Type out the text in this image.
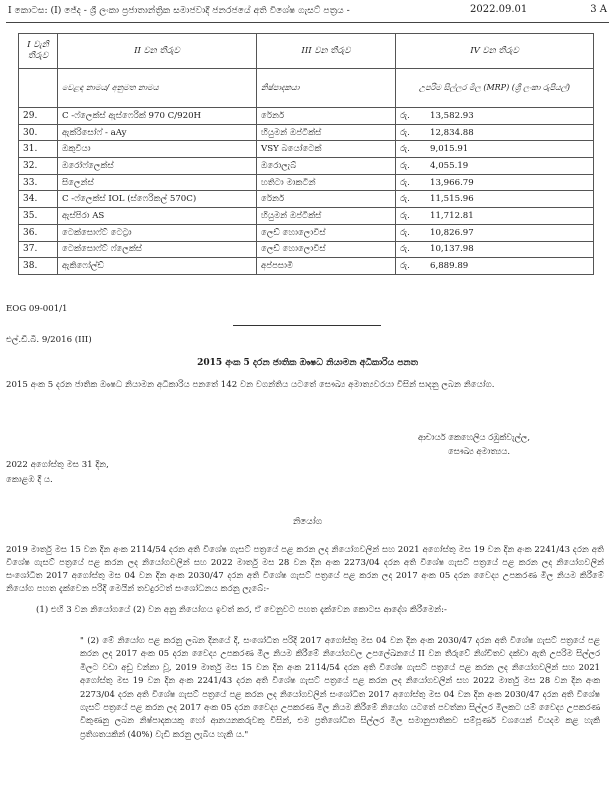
I කොටස: (I) ජේද - ශ්‍රී ලංකා ප්‍රජාතාන්ත්‍රික සමාජවාදී ජනරජයේ අති විශේෂ ගැසට් පත්‍රය -	2022.09.01	3 A
I වැනි තීරුව	II වන තීරුව	III වන තීරුව	IV වන තීරුව
	වෙළඳ නාමය/ අනුමත නාමය	නිෂ්පාදකයා	උපරිම සිල්ලර මිල (MRP) (ශ්‍රී ලංකා රුපියල්)
29.	C -ෆ්ලෙක්ස් ඇස්ෆෙරික් 970 C/920H	රේනර්	රු. 13,582.93
30.	ඇක්රිසෝෆ් - aAy	හියුමන් ඔප්ටික්ස්	රු. 12,834.88
31.	ඔකුවියා	VSY බයෝටෙක්	රු. 9,015.91
32.	ඔරෝෆ්ලෙක්ස්	ඔරොලැබ්	රු. 4,055.19
33.	සිලෙන්ස්	හතිටා මාකටින්	රු. 13,966.79
34.	C -ෆ්ලෙක්ස් IOL (ස්ෆෙරිකල් 570C)	රේනර්	රු. 11,515.96
35.	ඇස්පිරා AS	හියුමන් ඔප්ටික්ස්	රු. 11,712.81
36.	ටෙක්සොෆ්ට් ටෙට්‍රා	ලෙඩ් හොලොවිස්	රු. 10,826.97
37.	ටෙක්සොෆ්ට් ෆ්ලෙක්ස්	ලෙඩ් හොලොවිස්	රු. 10,137.98
38.	ඇකිෆෝල්ඩ්	අප්පසාමි	රු. 6,889.89
EOG 09-001/1
එල්.ඩී.බී. 9/2016 (III)
2015 අංක 5 දරන ජාතික ඖෂධ නියාමන අධිකාරිය පනත
2015 අංක 5 දරන ජාතික ඖෂධ නියාමන අධිකාරිය පනතේ 142 වන වගන්තිය යටතේ සෞඛ්‍ය අමාත්‍යවරයා විසින් සාදනු ලබන නියෝග.
ආචාර්ය කෙහෙලිය රඹුක්වැල්ල,
සෞඛ්‍ය අමාත්‍යය.
2022 අගෝස්තු මස 31 දින,
කොළඹ දී ය.
නියෝග
2019 මාර්තු මස 15 වන දින අංක 2114/54 දරන අති විශේෂ ගැසට් පත්‍රයේ පළ කරන ලද නියෝගවලින් සහ 2021 අගෝස්තු මස 19 වන දින අංක 2241/43 දරන අති විශේෂ ගැසට් පත්‍රයේ පළ කරන ලද නියෝගවලින් සහ 2022 මාර්තු මස 28 වන දින අංක 2273/04 දරන අති විශේෂ ගැසට් පත්‍රයේ පළ කරන ලද නියෝගවලින් සංශෝධිත 2017 අගෝස්තු මස 04 වන දින අංක 2030/47 දරන අති විශේෂ ගැසට් පත්‍රයේ පළ කරන ලද 2017 අංක 05 දරන වෛද්‍ය උපකරණ මිල නියම කිරීමේ නියෝග පහත දැක්වෙන පරිදි මෙයින් තවදුරටත් සංශෝධනය කරනු ලැබේ:-
(1) එහි 3 වන නියෝගයේ (2) වන අනු නියෝගය ඉවත් කර, ඒ වෙනුවට පහත දැක්වෙන කොටස ආදේශ කිරීමෙන්:-
" (2) මේ නියෝග පළ කරනු ලබන දිනයේ දී, සංශෝධිත පරිදි 2017 අගෝස්තු මස 04 වන දින අංක 2030/47 දරන අති විශේෂ ගැසට් පත්‍රයේ පළ කරන ලද 2017 අංක 05 දරන වෛද්‍ය උපකරණ මිල නියම කිරීමේ නියෝගවල උපලේඛනයේ II වන තීරුවේ නිශ්චිතව දක්වා ඇති උපරිම සිල්ලර මිලට වඩා අඩු වන්නා වූ, 2019 මාර්තු මස 15 වන දින අංක 2114/54 දරන අති විශේෂ ගැසට් පත්‍රයේ පළ කරන ලද නියෝගවලින් සහ 2021 අගෝස්තු මස 19 වන දින අංක 2241/43 දරන අති විශේෂ ගැසට් පත්‍රයේ පළ කරන ලද නියෝගවලින් සහ 2022 මාර්තු මස 28 වන දින අංක 2273/04 දරන අති විශේෂ ගැසට් පත්‍රයේ පළ කරන ලද නියෝගවලින් සංශෝධිත 2017 අගෝස්තු මස 04 වන දින අංක 2030/47 දරන අති විශේෂ ගැසට් පත්‍රයේ පළ කරන ලද 2017 අංක 05 දරන වෛද්‍ය උපකරණ මිල නියම කිරීමේ නියෝග යටතේ පවත්නා සිල්ලර මිලකට යම් වෛද්‍ය උපකරණ විකුණනු ලබන නිෂ්පාදකයකු හෝ ආනයනකරුවකු විසින්, එම ප්‍රතිශෝධිත සිල්ලර මිල සමානුපාතිකව සම්පූර්ණ වශයෙන් වියදම කළ හැකි ප්‍රතිශතයකින් (40%) වැඩි කරනු ලැබිය හැකි ය."
